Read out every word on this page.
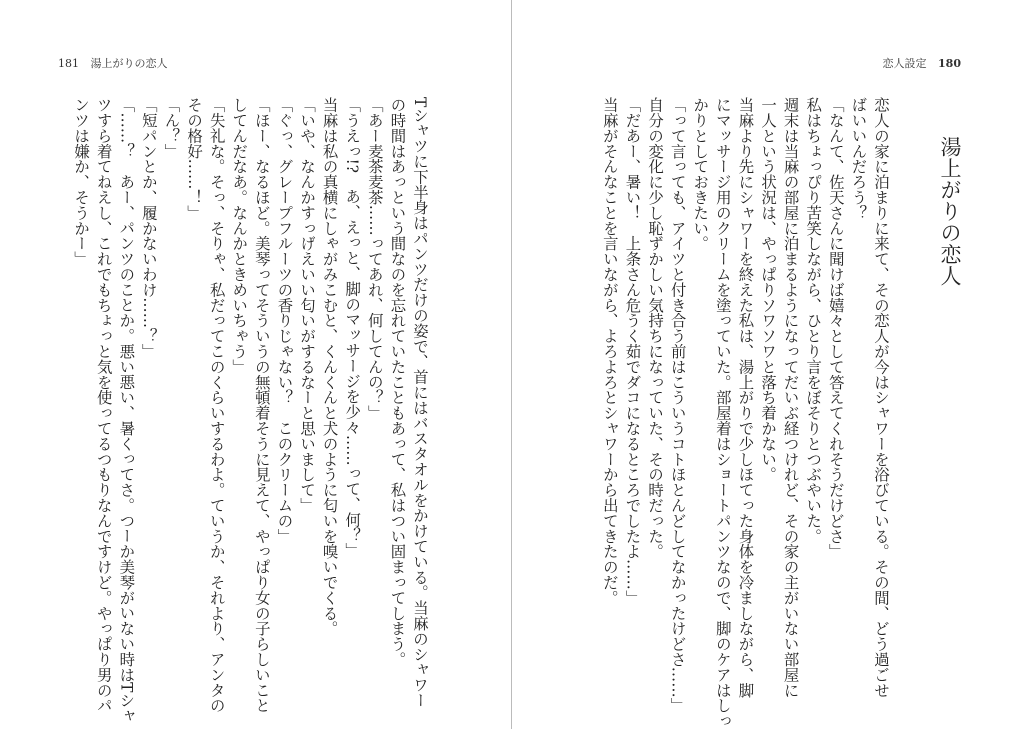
181 湯上がりの恋人
Tシャツに下半身はパンツだけの姿で、首にはバスタオルをかけている。当麻のシャワー
の時間はあっという間なのを忘れていたこともあって、私はつい固まってしまう。
「あー麦茶麦茶……ってあれ、何してんの？」
「うえっ!?　あ、えっと、脚のマッサージを少々……って、何？」
当麻は私の真横にしゃがみこむと、くんくんと犬のように匂いを嗅いでくる。
「いや、なんかすっげえいい匂いがするなーと思いまして」
「ぐっ、グレープフルーツの香りじゃない？　このクリームの」
「ほー、なるほど。美琴ってそういうの無頓着そうに見えて、やっぱり女の子らしいこと
してんだなあ。なんかときめいちゃう」
「失礼な。そっ、そりゃ、私だってこのくらいするわよ。ていうか、それより、アンタの
その格好……！」
「ん？」
「短パンとか、履かないわけ……？」
「……？　あー、パンツのことか。悪い悪い、暑くってさ。つーか美琴がいない時はTシャ
ツすら着てねえし、これでもちょっと気を使ってるつもりなんですけど。やっぱり男のパ
ンツは嫌か、そうかー」
恋人設定 180
湯上がりの恋人
恋人の家に泊まりに来て、その恋人が今はシャワーを浴びている。その間、どう過ごせ
ばいいんだろう？
「なんて、佐天さんに聞けば嬉々として答えてくれそうだけどさ」
私はちょっぴり苦笑しながら、ひとり言をぼそりとつぶやいた。
週末は当麻の部屋に泊まるようになってだいぶ経つけれど、その家の主がいない部屋に
一人という状況は、やっぱりソワソワと落ち着かない。
当麻より先にシャワーを終えた私は、湯上がりで少しほてった身体を冷ましながら、脚
にマッサージ用のクリームを塗っていた。部屋着はショートパンツなので、脚のケアはしっ
かりとしておきたい。
「って言っても、アイツと付き合う前はこういうコトほとんどしてなかったけどさ……」
自分の変化に少し恥ずかしい気持ちになっていた、その時だった。
「だあー、暑い！　上条さん危うく茹でダコになるところでしたよ……」
当麻がそんなことを言いながら、よろよろとシャワーから出てきたのだ。
